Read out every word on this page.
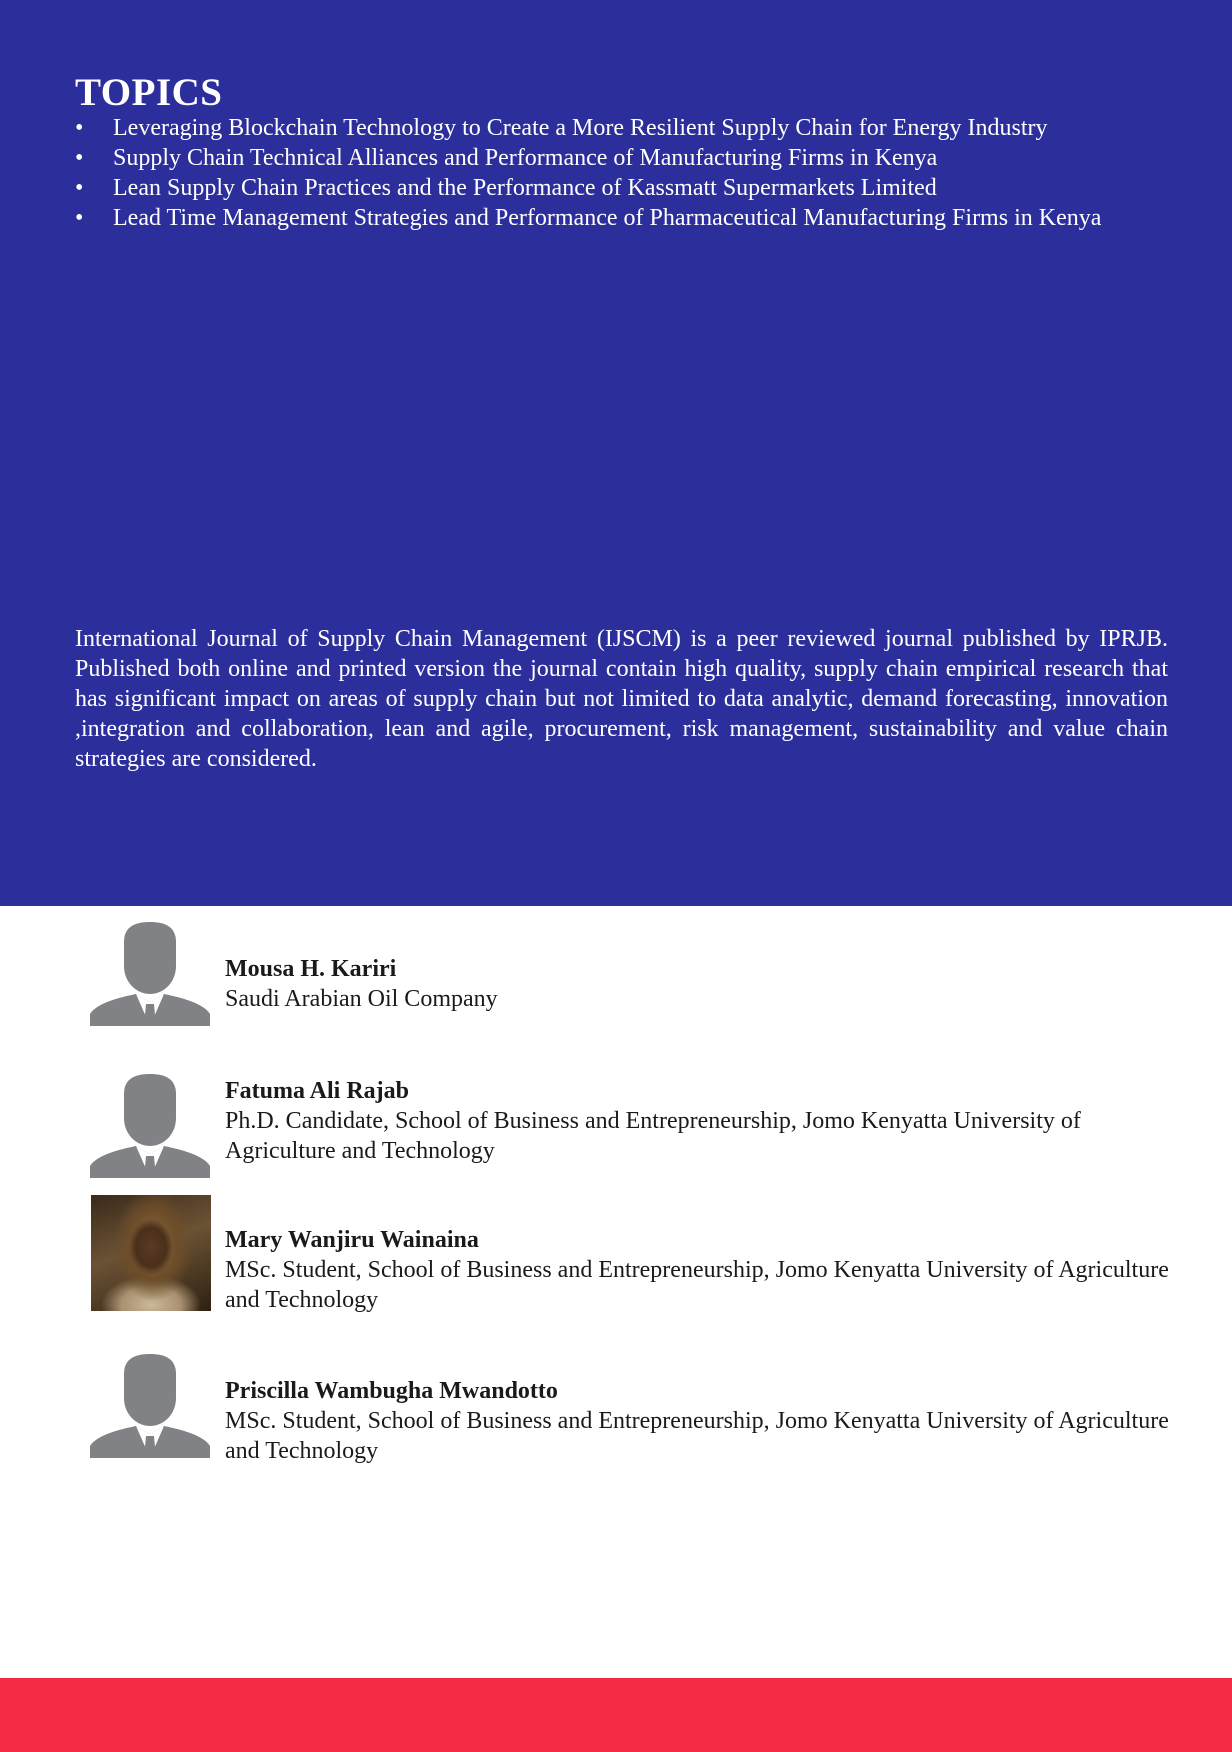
TOPICS
• Leveraging Blockchain Technology to Create a More Resilient Supply Chain for Energy Industry
• Supply Chain Technical Alliances and Performance of Manufacturing Firms in Kenya
• Lean Supply Chain Practices and the Performance of Kassmatt Supermarkets Limited
• Lead Time Management Strategies and Performance of Pharmaceutical Manufacturing Firms in Kenya

International Journal of Supply Chain Management (IJSCM) is a peer reviewed journal published by IPRJB. Published both online and printed version the journal contain high quality, supply chain empirical research that has significant impact on areas of supply chain but not limited to data analytic, demand forecasting, innovation ,integration and collaboration, lean and agile, procurement, risk management, sustainability and value chain strategies are considered.

Mousa H. Kariri

Saudi Arabian Oil Company

Fatuma Ali Rajab

Ph.D. Candidate, School of Business and Entrepreneurship, Jomo Kenyatta University of Agriculture and Technology

Mary Wanjiru Wainaina

MSc. Student, School of Business and Entrepreneurship, Jomo Kenyatta University of Agriculture and Technology

Priscilla Wambugha Mwandotto

MSc. Student, School of Business and Entrepreneurship, Jomo Kenyatta University of Agriculture and Technology
